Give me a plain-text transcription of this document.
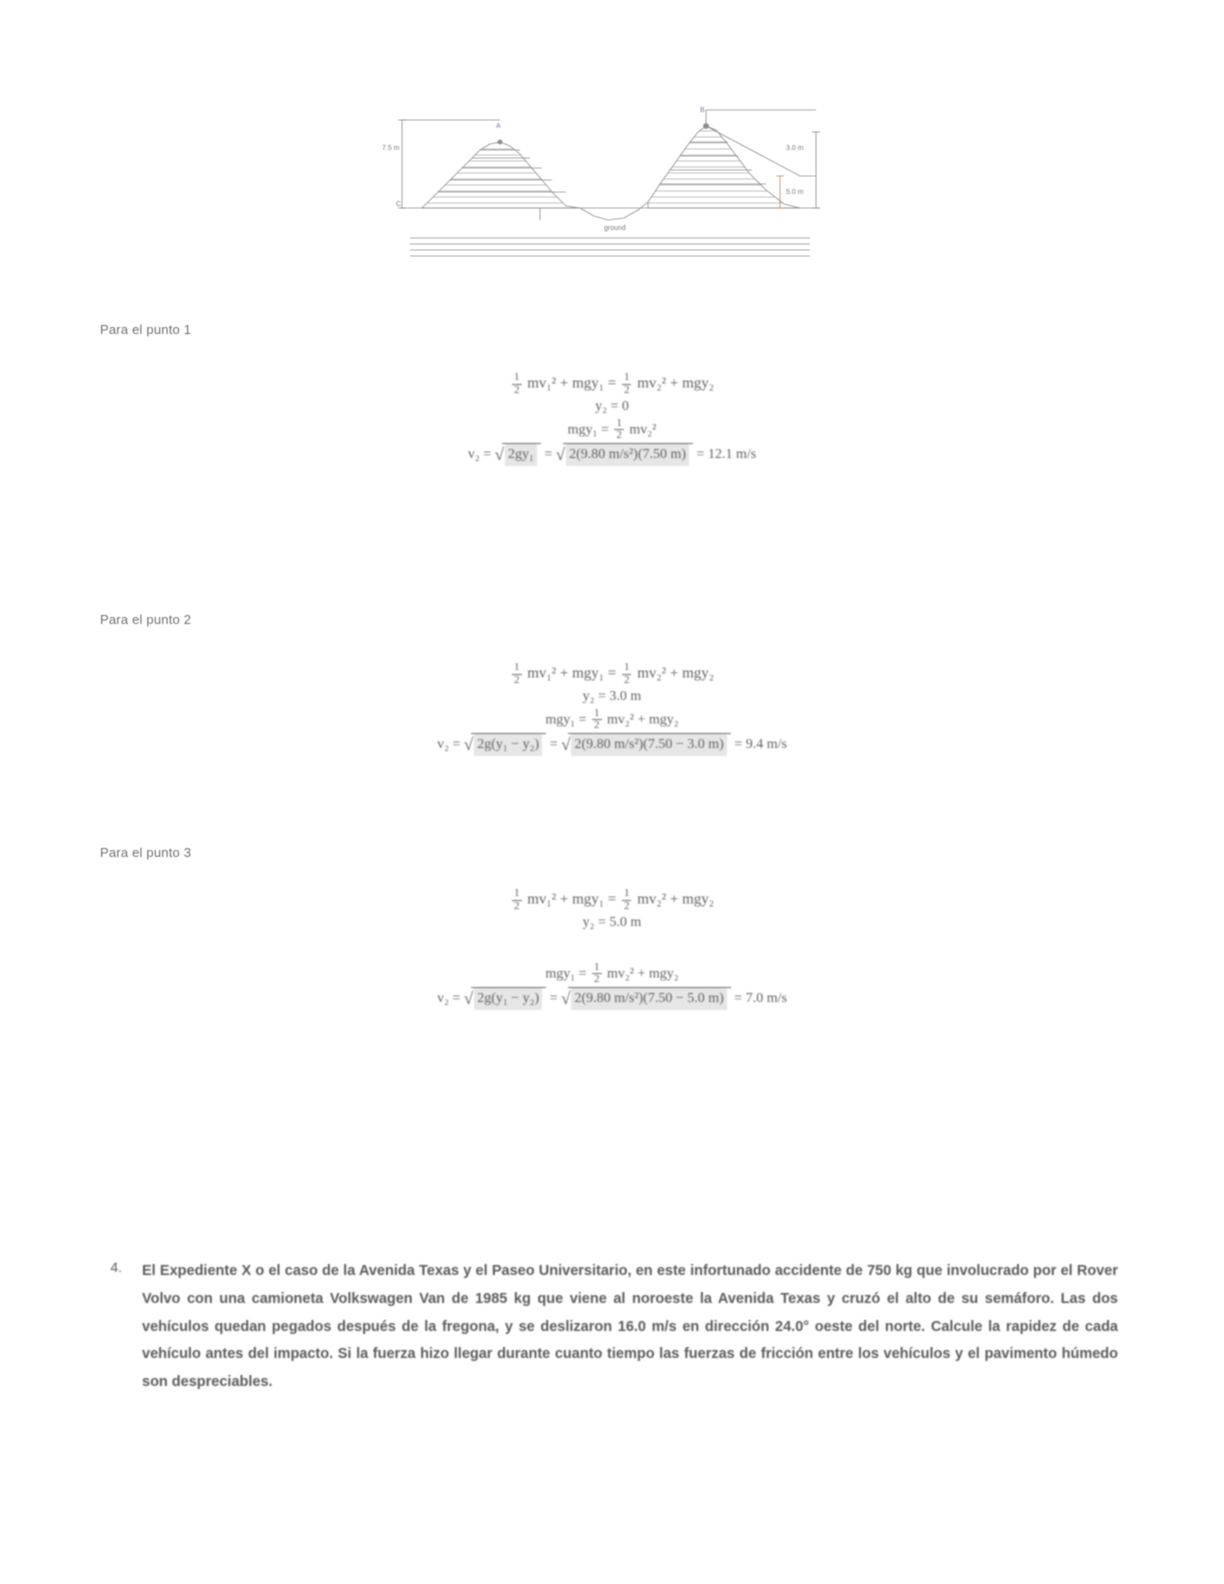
A
B
7.5 m	3.0 m
5.0 m
ground
C
Para el punto 1
$\frac{1}{2} mv_1^2 + mgy_1 = \frac{1}{2} mv_2^2 + mgy_2$
y₂ = 0
$mgy_1 = \frac{1}{2} mv_2^2$
v₂ = √ 2gy₁ = √ 2(9.80 m/s²)(7.50 m) = 12.1 m/s
Para el punto 2
$\frac{1}{2} mv_1^2 + mgy_1 = \frac{1}{2} mv_2^2 + mgy_2$
y₂ = 3.0 m
$mgy_1 = \frac{1}{2} mv_2^2 + mgy_2$
v₂ = √ 2g(y₁ − y₂) = √ 2(9.80 m/s²)(7.50 − 3.0 m) = 9.4 m/s
Para el punto 3
$\frac{1}{2} mv_1^2 + mgy_1 = \frac{1}{2} mv_2^2 + mgy_2$
y₂ = 5.0 m

$mgy_1 = \frac{1}{2} mv_2^2 + mgy_2$
v₂ = √ 2g(y₁ − y₂) = √ 2(9.80 m/s²)(7.50 − 5.0 m) = 7.0 m/s
4. El Expediente X o el caso de la Avenida Texas y el Paseo Universitario, en este infortunado accidente de 750 kg que involucrado por el Rover Volvo con una camioneta Volkswagen Van de 1985 kg que viene al noroeste la Avenida Texas y cruzó el alto de su semáforo. Las dos vehículos quedan pegados después de la fregona, y se deslizaron 16.0 m/s en dirección 24.0° oeste del norte. Calcule la rapidez de cada vehículo antes del impacto. Si la fuerza hizo llegar durante cuanto tiempo las fuerzas de fricción entre los vehículos y el pavimento húmedo son despreciables.
